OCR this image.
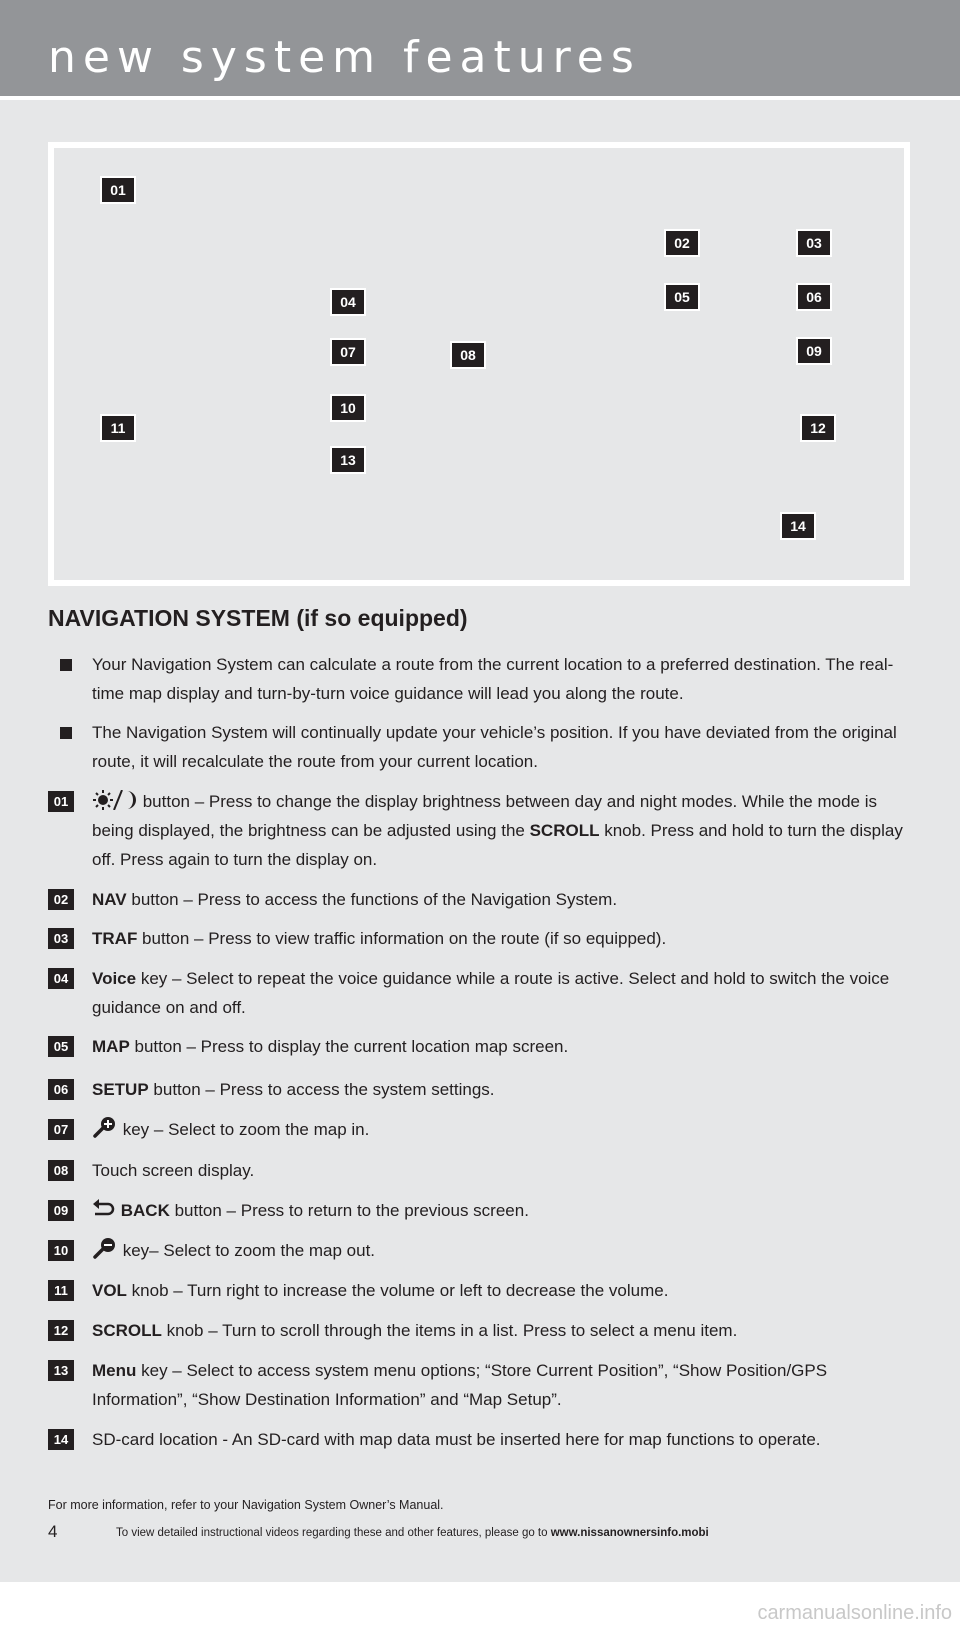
new system features
01
02	03
04	05	06
07	08	09
10
11	12
13
14
NAVIGATION SYSTEM (if so equipped)
Your Navigation System can calculate a route from the current location to a preferred destination. The real-time map display and turn-by-turn voice guidance will lead you along the route.
The Navigation System will continually update your vehicle’s position. If you have deviated from the original route, it will recalculate the route from your current location.
01	button – Press to change the display brightness between day and night modes. While the mode is being displayed, the brightness can be adjusted using the SCROLL knob. Press and hold to turn the display off. Press again to turn the display on.
02	NAV button – Press to access the functions of the Navigation System.
03	TRAF button – Press to view traffic information on the route (if so equipped).
04	Voice key – Select to repeat the voice guidance while a route is active. Select and hold to switch the voice guidance on and off.
05	MAP button – Press to display the current location map screen.
06	SETUP button – Press to access the system settings.
07	key – Select to zoom the map in.
08	Touch screen display.
09	BACK button – Press to return to the previous screen.
10	key– Select to zoom the map out.
11	VOL knob – Turn right to increase the volume or left to decrease the volume.
12	SCROLL knob – Turn to scroll through the items in a list. Press to select a menu item.
13	Menu key – Select to access system menu options; “Store Current Position”, “Show Position/GPS Information”, “Show Destination Information” and “Map Setup”.
14	SD-card location - An SD-card with map data must be inserted here for map functions to operate.
For more information, refer to your Navigation System Owner’s Manual.
4	To view detailed instructional videos regarding these and other features, please go to www.nissanownersinfo.mobi
carmanualsonline.info
